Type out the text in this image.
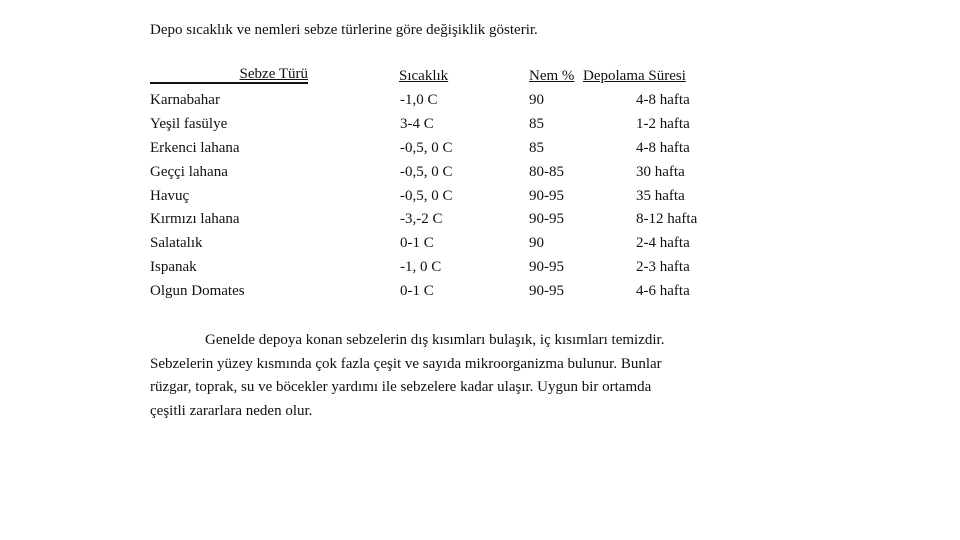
Depo sıcaklık ve nemleri sebze türlerine göre değişiklik gösterir.
Sebze Türü	Sıcaklık	Nem % Depolama Süresi
Karnabahar	-1,0 C	90	4-8 hafta
Yeşil fasülye	3-4 C	85	1-2 hafta
Erkenci lahana	-0,5, 0 C	85	4-8 hafta
Geççi lahana	-0,5, 0 C	80-85	30 hafta
Havuç	-0,5, 0 C	90-95	35 hafta
Kırmızı lahana	-3,-2 C	90-95	8-12 hafta
Salatalık	0-1 C	90	2-4 hafta
Ispanak	-1, 0 C	90-95	2-3 hafta
Olgun Domates	0-1 C	90-95	4-6 hafta
Genelde depoya konan sebzelerin dış kısımları bulaşık, iç kısımları temizdir.
Sebzelerin yüzey kısmında çok fazla çeşit ve sayıda mikroorganizma bulunur. Bunlar
rüzgar, toprak, su ve böcekler yardımı ile sebzelere kadar ulaşır. Uygun bir ortamda
çeşitli zararlara neden olur.
